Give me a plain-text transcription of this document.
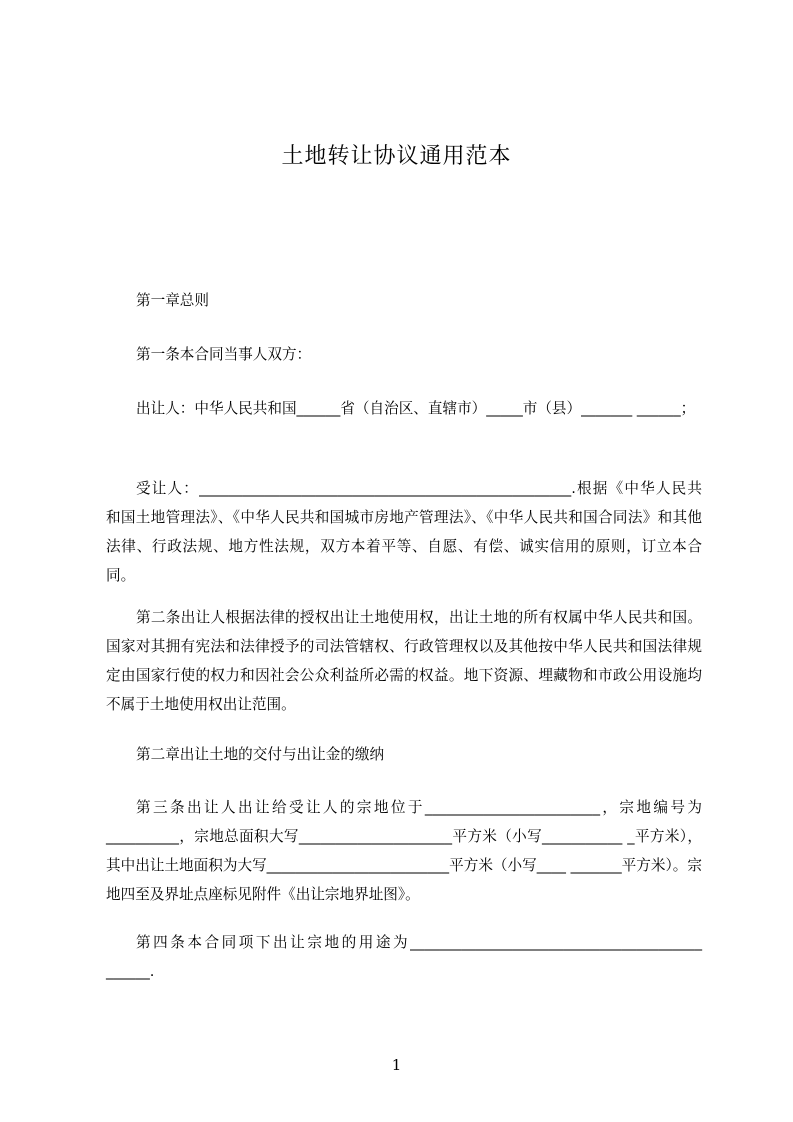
土地转让协议通用范本

第一章总则

第一条本合同当事人双方：

出让人：中华人民共和国______省（自治区、直辖市）_____市（县）_______ ______；

受让人：___________________________________________________.根据《中华人民共和国土地管理法》、《中华人民共和国城市房地产管理法》、《中华人民共和国合同法》和其他法律、行政法规、地方性法规，双方本着平等、自愿、有偿、诚实信用的原则，订立本合同。

第二条出让人根据法律的授权出让土地使用权，出让土地的所有权属中华人民共和国。国家对其拥有宪法和法律授予的司法管辖权、行政管理权以及其他按中华人民共和国法律规定由国家行使的权力和因社会公众利益所必需的权益。地下资源、埋藏物和市政公用设施均不属于土地使用权出让范围。

第二章出让土地的交付与出让金的缴纳

第三条出让人出让给受让人的宗地位于________________________，宗地编号为__________，宗地总面积大写_____________________平方米（小写___________ _平方米），其中出让土地面积为大写_________________________平方米（小写____ _______平方米）。宗地四至及界址点座标见附件《出让宗地界址图》。

第四条本合同项下出让宗地的用途为________________________________________ ______.

1
